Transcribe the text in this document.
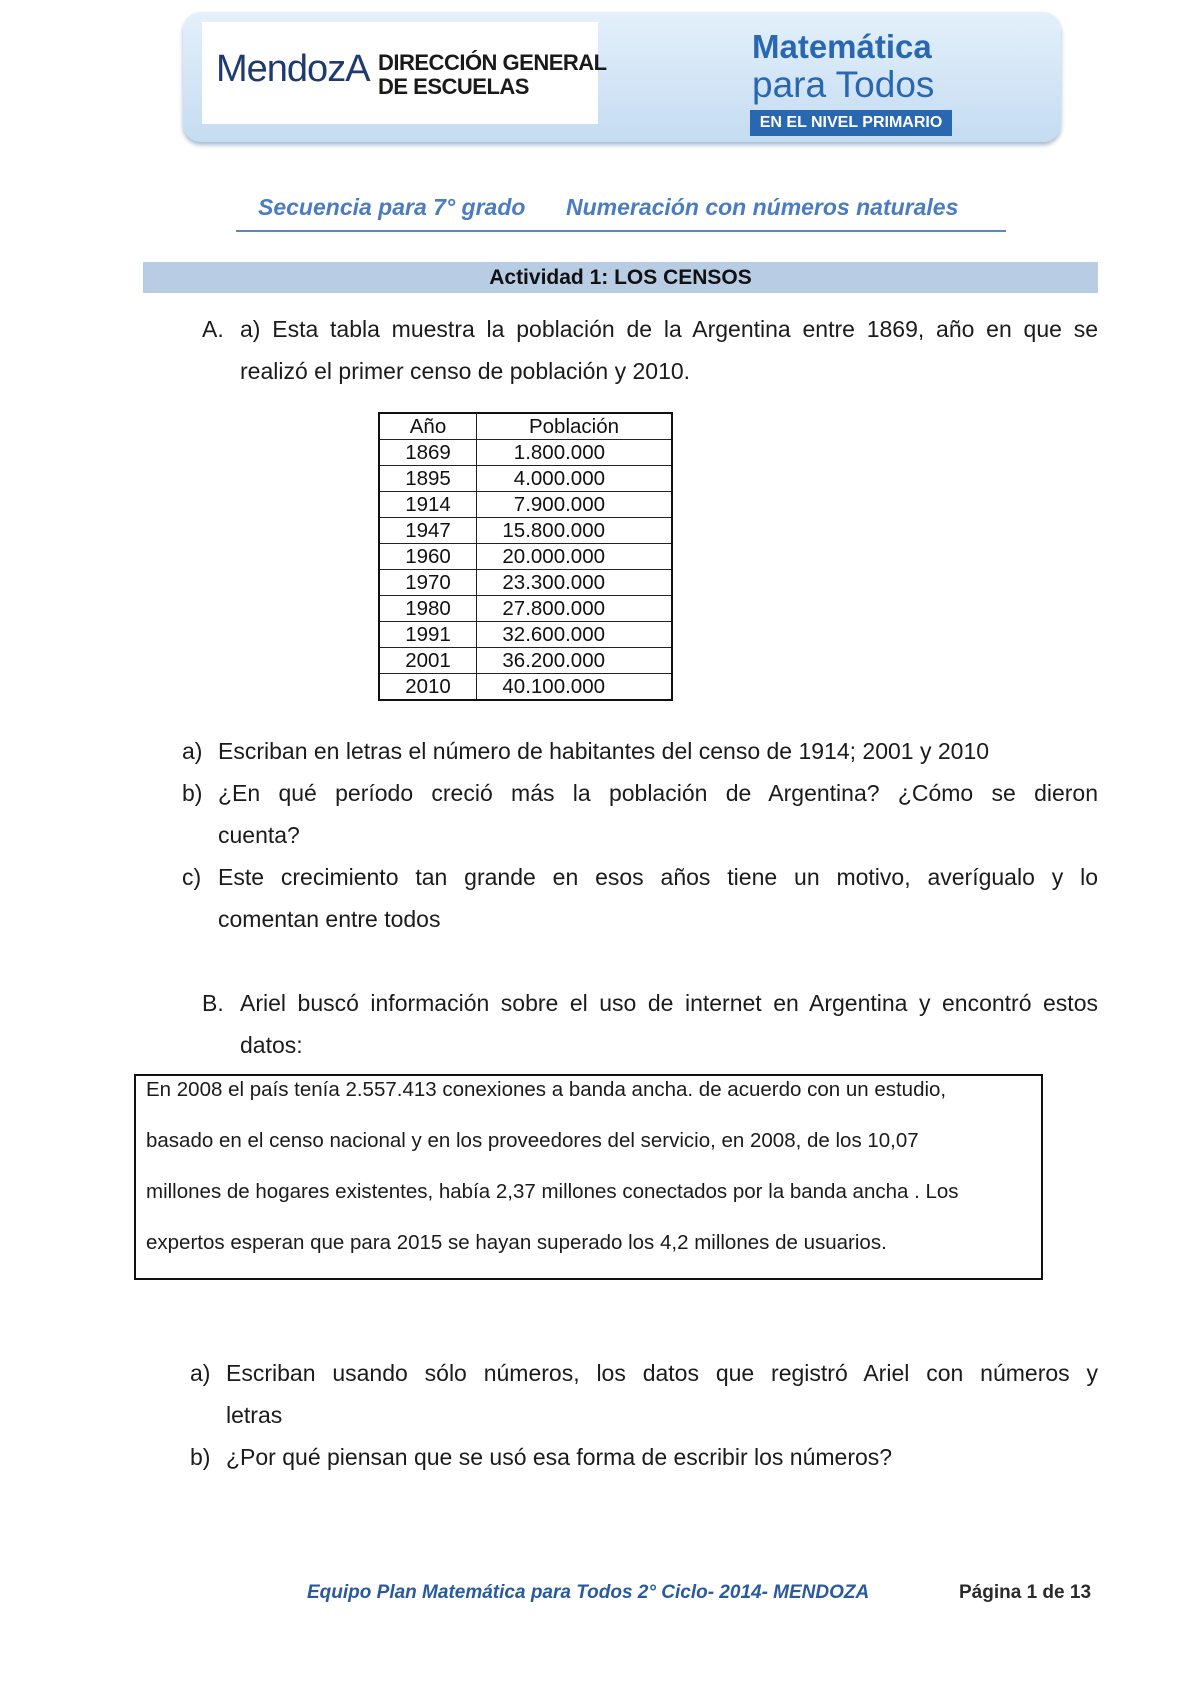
MendozA DIRECCIÓN GENERAL
DE ESCUELAS
Matemática
para Todos
EN EL NIVEL PRIMARIO
Secuencia para 7° grado Numeración con números naturales
Actividad 1: LOS CENSOS
A. a) Esta tabla muestra la población de la Argentina entre 1869, año en que se
realizó el primer censo de población y 2010.
Año	Población
1869	1.800.000
1895	4.000.000
1914	7.900.000
1947	15.800.000
1960	20.000.000
1970	23.300.000
1980	27.800.000
1991	32.600.000
2001	36.200.000
2010	40.100.000
a) Escriban en letras el número de habitantes del censo de 1914; 2001 y 2010
b) ¿En qué período creció más la población de Argentina? ¿Cómo se dieron
cuenta?
c) Este crecimiento tan grande en esos años tiene un motivo, averígualo y lo
comentan entre todos
B. Ariel buscó información sobre el uso de internet en Argentina y encontró estos
datos:
En 2008 el país tenía 2.557.413 conexiones a banda ancha. de acuerdo con un estudio,
basado en el censo nacional y en los proveedores del servicio, en 2008, de los 10,07
millones de hogares existentes, había 2,37 millones conectados por la banda ancha . Los
expertos esperan que para 2015 se hayan superado los 4,2 millones de usuarios.
a) Escriban usando sólo números, los datos que registró Ariel con números y
letras
b) ¿Por qué piensan que se usó esa forma de escribir los números?
Equipo Plan Matemática para Todos 2° Ciclo- 2014- MENDOZA	Página 1 de 13
